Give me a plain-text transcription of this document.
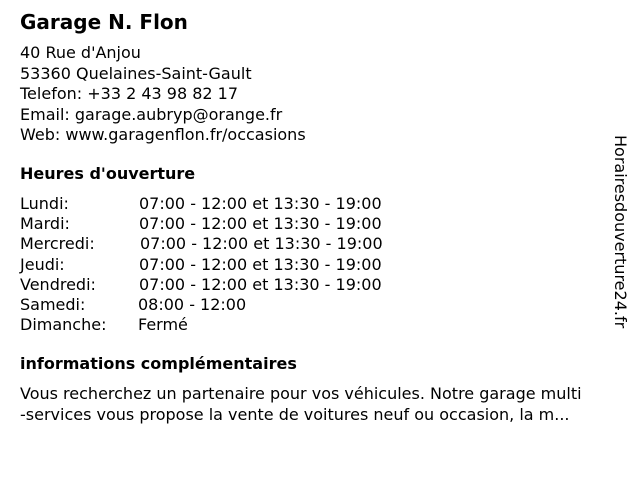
Garage N. Flon
40 Rue d'Anjou
53360 Quelaines-Saint-Gault
Telefon: +33 2 43 98 82 17
Email: garage.aubryp@orange.fr
Web: www.garagenflon.fr/occasions
Heures d'ouverture
Lundi:	07:00 - 12:00 et 13:30 - 19:00
Mardi:	07:00 - 12:00 et 13:30 - 19:00
Mercredi:	07:00 - 12:00 et 13:30 - 19:00
Jeudi:	07:00 - 12:00 et 13:30 - 19:00
Vendredi:	07:00 - 12:00 et 13:30 - 19:00
Samedi:	08:00 - 12:00
Dimanche: Fermé
informations complémentaires
Vous recherchez un partenaire pour vos véhicules. Notre garage multi
-services vous propose la vente de voitures neuf ou occasion, la m...
Horairesdouverture24.fr
